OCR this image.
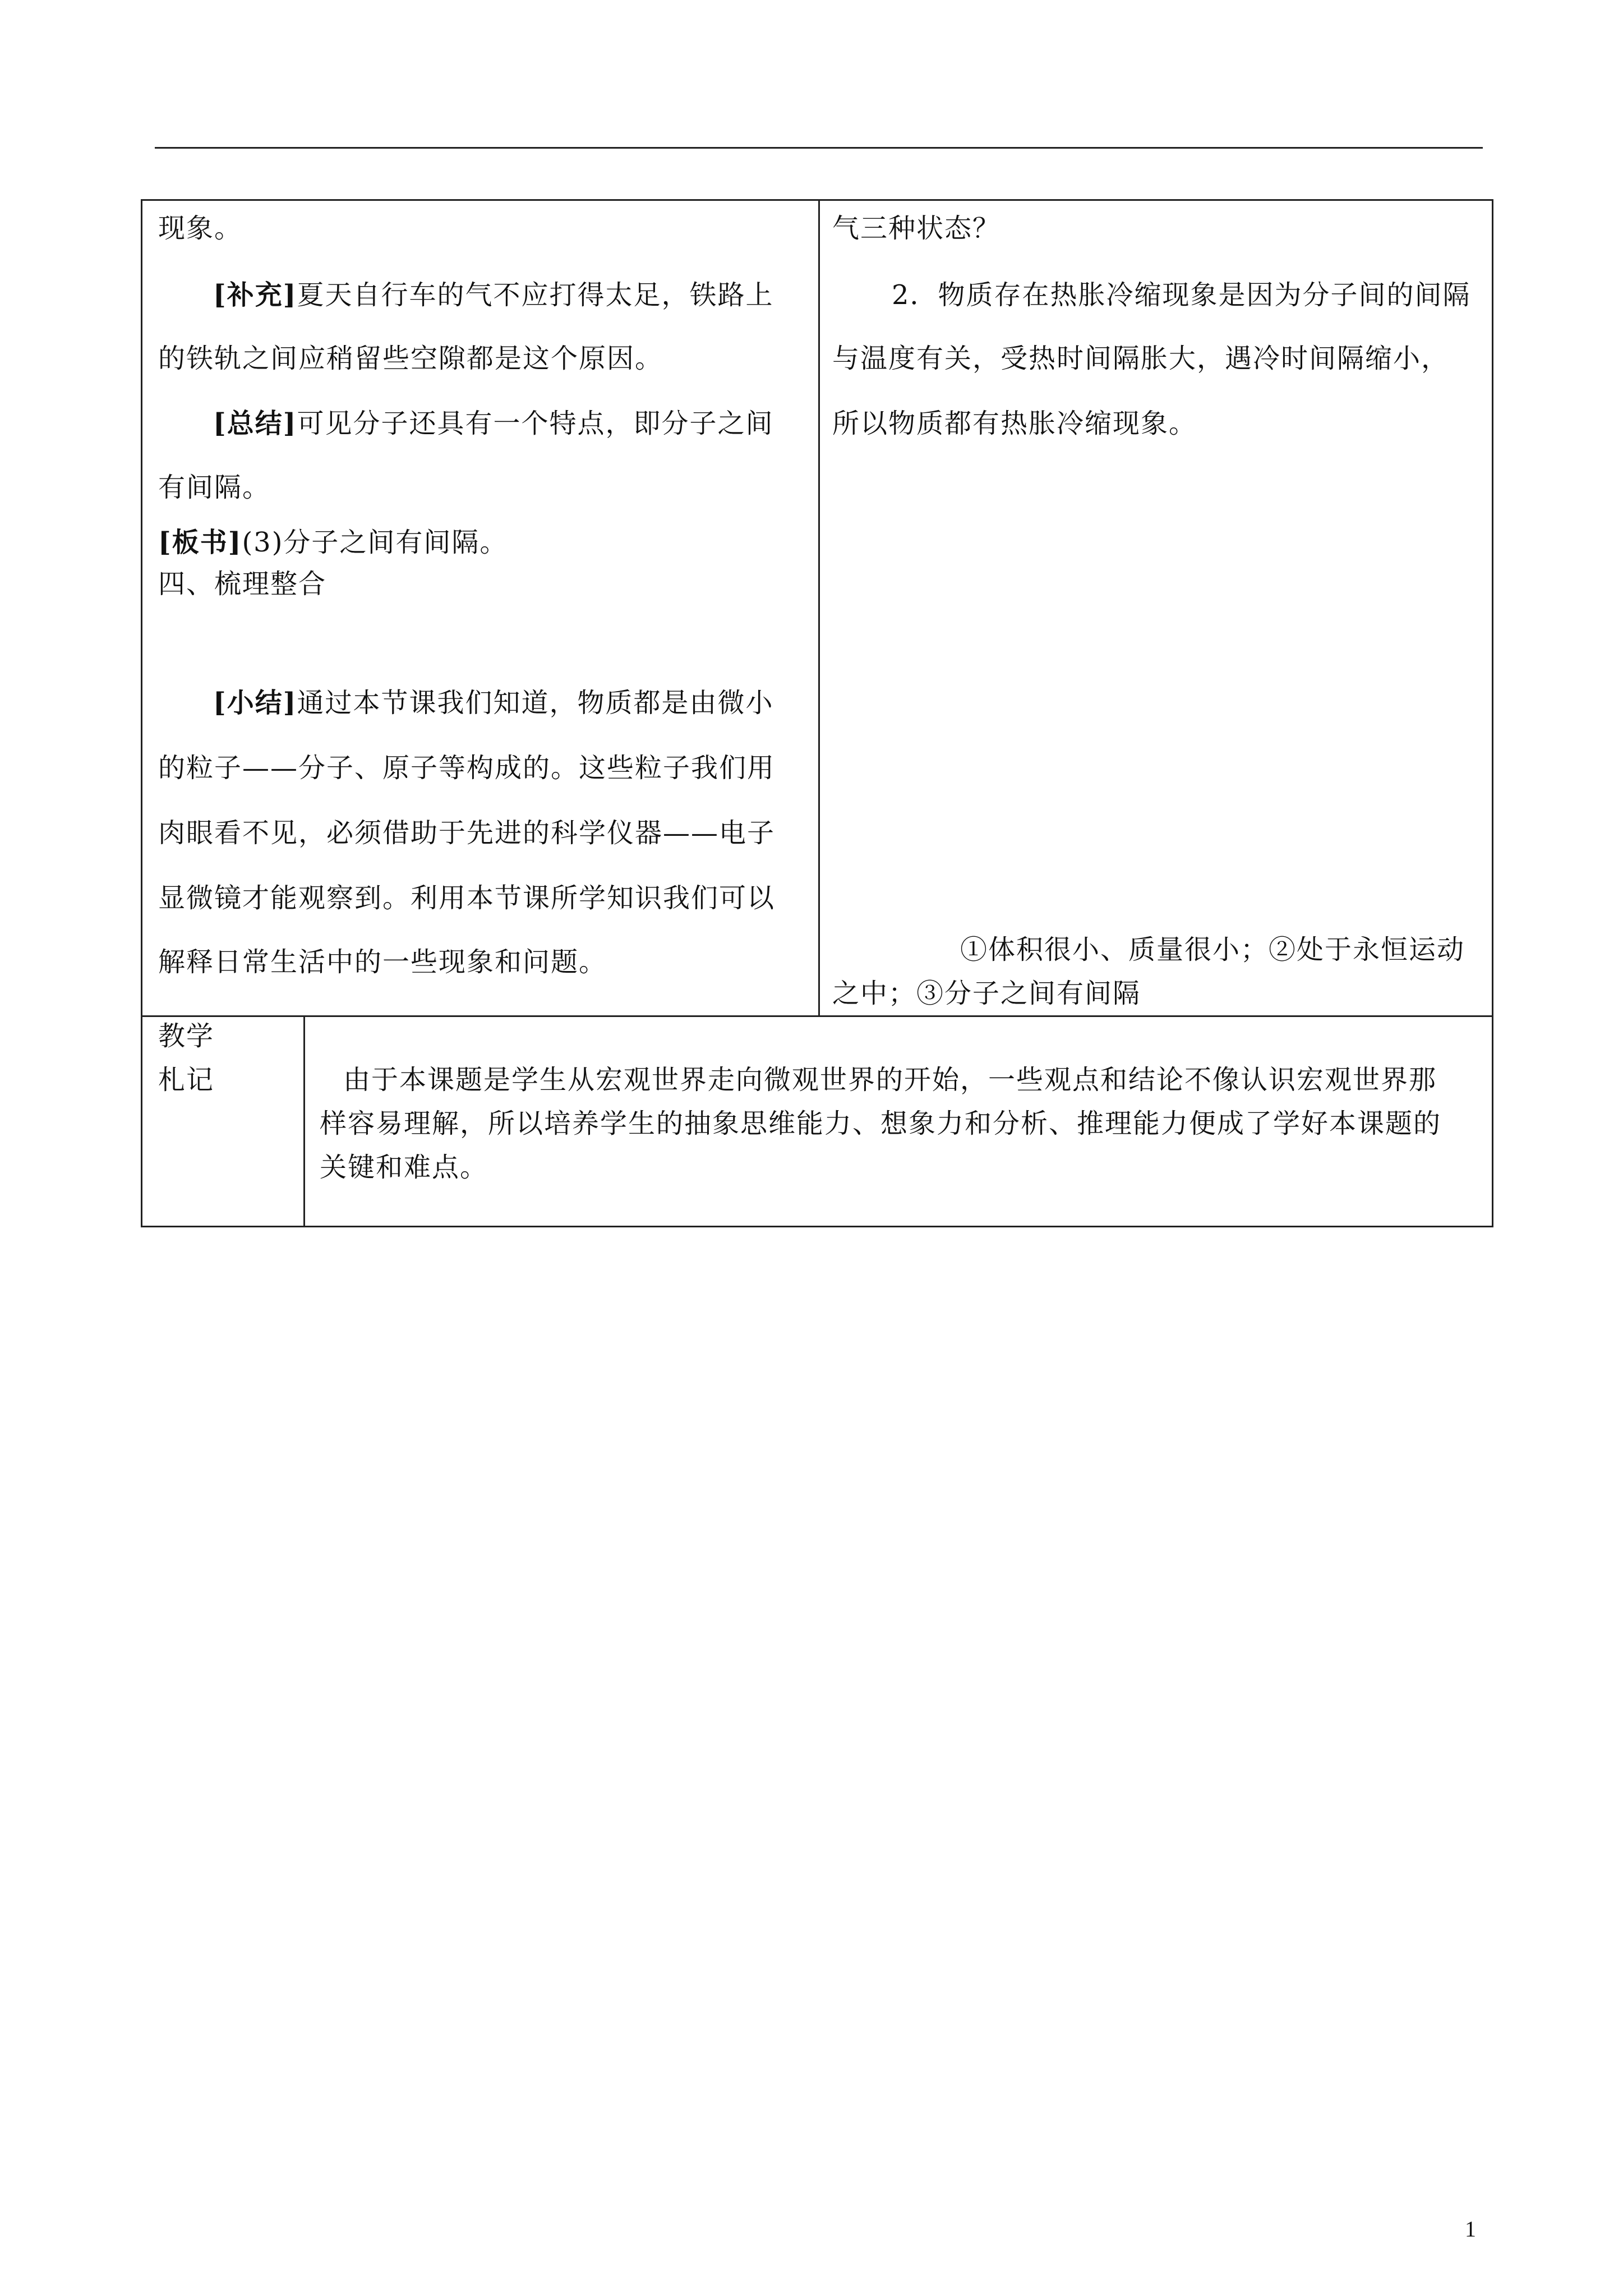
现象。
[补充]夏天自行车的气不应打得太足，铁路上
的铁轨之间应稍留些空隙都是这个原因。
[总结]可见分子还具有一个特点，即分子之间
有间隔。
[板书](3)分子之间有间隔。
四、梳理整合
[小结]通过本节课我们知道，物质都是由微小
的粒子——分子、原子等构成的。这些粒子我们用
肉眼看不见，必须借助于先进的科学仪器——电子
显微镜才能观察到。利用本节课所学知识我们可以
解释日常生活中的一些现象和问题。
气三种状态？
2．物质存在热胀冷缩现象是因为分子间的间隔
与温度有关，受热时间隔胀大，遇冷时间隔缩小，
所以物质都有热胀冷缩现象。
①体积很小、质量很小；②处于永恒运动
之中；③分子之间有间隔
教学
札记	由于本课题是学生从宏观世界走向微观世界的开始，一些观点和结论不像认识宏观世界那
样容易理解，所以培养学生的抽象思维能力、想象力和分析、推理能力便成了学好本课题的
关键和难点。
1
